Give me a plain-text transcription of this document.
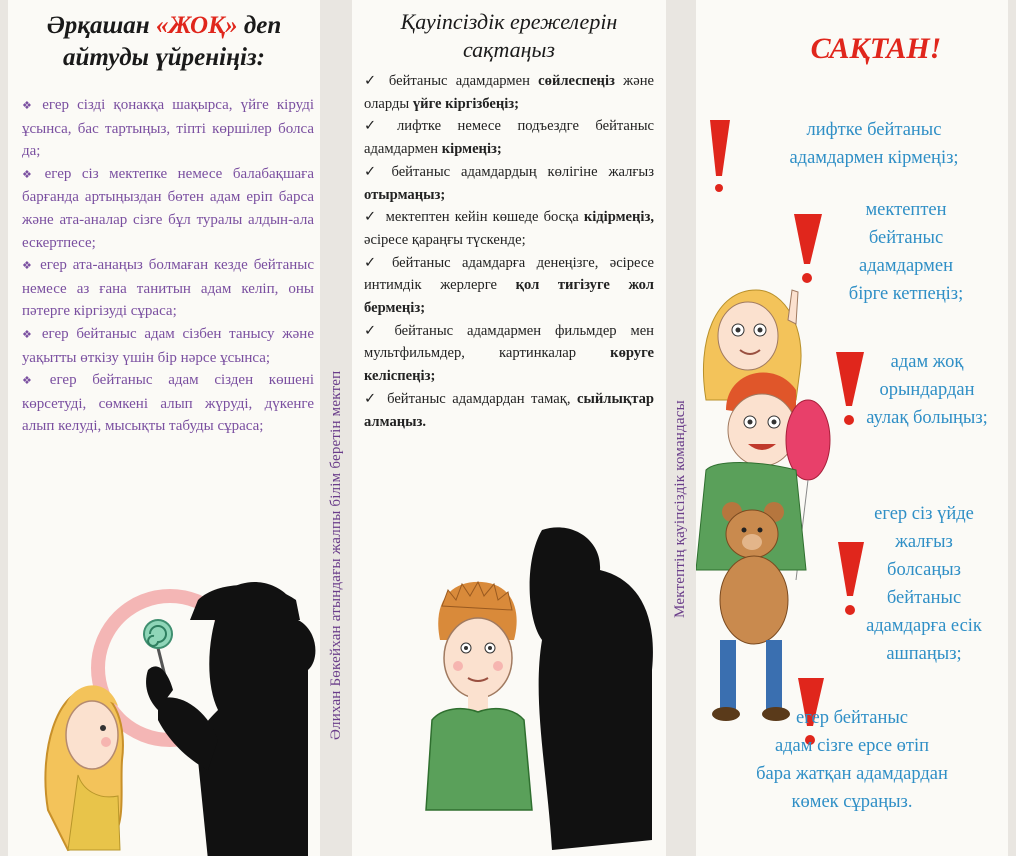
Әрқашан «ЖОҚ» деп айтуды үйреніңіз:
❖ егер сізді қонакқа шақырса, үйге кіруді ұсынса, бас тартыңыз, тіпті көршілер болса да;
❖ егер сіз мектепке немесе балабақшаға барғанда артыңыздан бөтен адам еріп барса және ата-аналар сізге бұл туралы алдын-ала ескертпесе;
❖ егер ата-анаңыз болмаған кезде бейтаныс немесе аз ғана танитын адам келіп, оны пәтерге кіргізуді сұраса;
❖ егер бейтаныс адам сізбен танысу және уақытты өткізу үшін бір нәрсе ұсынса;
❖ егер бейтаныс адам сізден көшені көрсетуді, сөмкені алып жүруді, дүкенге алып келуді, мысықты табуды сұраса;	Әлихан Бөкейхан атындағы жалпы білім беретін мектеп
Қауіпсіздік ережелерін сақтаңыз
✓ бейтаныс адамдармен сөйлеспеңіз және оларды үйге кіргізбеңіз;
✓ лифтке немесе подъездге бейтаныс адамдармен кірмеңіз;
✓ бейтаныс адамдардың көлігіне жалғыз отырмаңыз;
✓ мектептен кейін көшеде босқа кідірмеңіз, әсіресе қараңғы түскенде;
✓ бейтаныс адамдарға денеңізге, әсіресе интимдік жерлерге қол тигізуге жол бермеңіз;
✓ бейтаныс адамдармен фильмдер мен мультфильмдер, картинкалар көруге келіспеңіз;
✓ бейтаныс адамдардан тамақ, сыйлықтар алмаңыз.	Мектептің қауіпсіздік командасы
САҚТАН!
лифтке бейтаныс
адамдармен кірмеңіз;
мектептен
бейтаныс
адамдармен
бірге кетпеңіз;
адам жоқ
орындардан
аулақ болыңыз;
егер сіз үйде
жалғыз
болсаңыз
бейтаныс
адамдарға есік
ашпаңыз;
егер бейтаныс
адам сізге ерсе өтіп
бара жатқан адамдардан
көмек сұраңыз.
